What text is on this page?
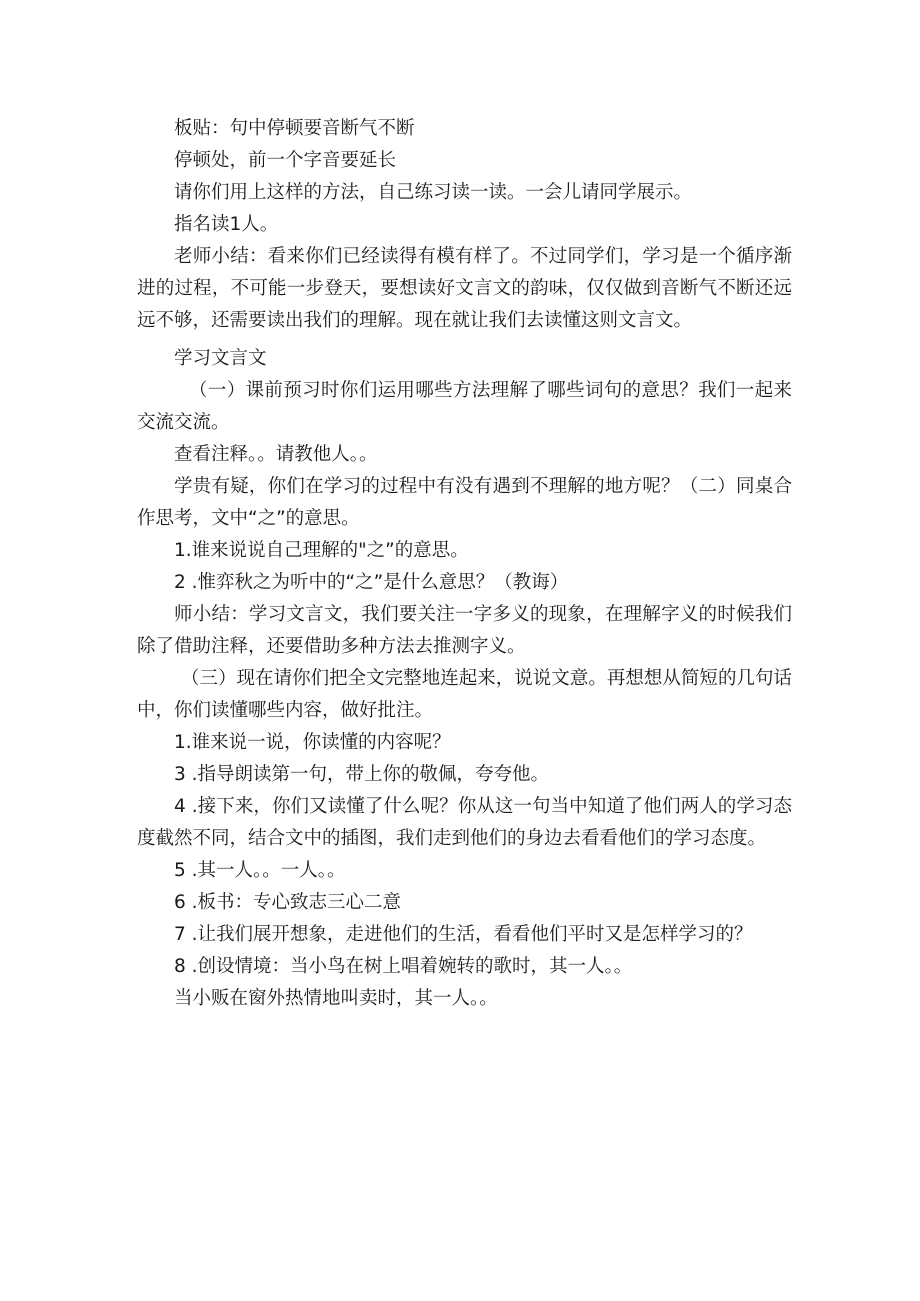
板贴：句中停顿要音断气不断

停顿处，前一个字音要延长

请你们用上这样的方法，自己练习读一读。一会儿请同学展示。

指名读1人。

老师小结：看来你们已经读得有模有样了。不过同学们，学习是一个循序渐进的过程，不可能一步登天，要想读好文言文的韵味，仅仅做到音断气不断还远远不够，还需要读出我们的理解。现在就让我们去读懂这则文言文。

学习文言文

（一）课前预习时你们运用哪些方法理解了哪些词句的意思？我们一起来交流交流。

查看注释。。请教他人。。

学贵有疑，你们在学习的过程中有没有遇到不理解的地方呢？（二）同桌合作思考，文中“之”的意思。

1.谁来说说自己理解的"之”的意思。

2 .惟弈秋之为听中的“之”是什么意思？（教诲）

师小结：学习文言文，我们要关注一字多义的现象，在理解字义的时候我们除了借助注释，还要借助多种方法去推测字义。

（三）现在请你们把全文完整地连起来，说说文意。再想想从简短的几句话中，你们读懂哪些内容，做好批注。

1.谁来说一说，你读懂的内容呢？

3 .指导朗读第一句，带上你的敬佩，夸夸他。

4 .接下来，你们又读懂了什么呢？你从这一句当中知道了他们两人的学习态度截然不同，结合文中的插图，我们走到他们的身边去看看他们的学习态度。

5 .其一人。。一人。。

6 .板书：专心致志三心二意

7 .让我们展开想象，走进他们的生活，看看他们平时又是怎样学习的？

8 .创设情境：当小鸟在树上唱着婉转的歌时，其一人。。

当小贩在窗外热情地叫卖时，其一人。。
